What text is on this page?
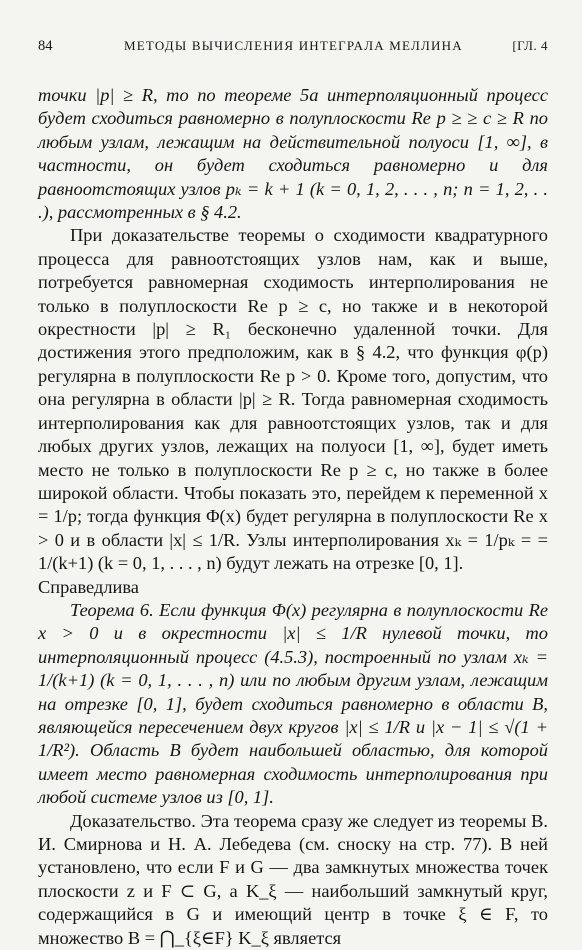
84	МЕТОДЫ ВЫЧИСЛЕНИЯ ИНТЕГРАЛА МЕЛЛИНА	[ГЛ. 4

точки |p| ≥ R, то по теореме 5а интерполяционный процесс будет сходиться равномерно в полуплоскости Re p ≥ ≥ c ≥ R по любым узлам, лежащим на действительной полуоси [1, ∞], в частности, он будет сходиться равномерно и для равноотстоящих узлов pₖ = k + 1 (k = 0, 1, 2, . . . , n; n = 1, 2, . . .), рассмотренных в § 4.2.

При доказательстве теоремы о сходимости квадратурного процесса для равноотстоящих узлов нам, как и выше, потребуется равномерная сходимость интерполирования не только в полуплоскости Re p ≥ c, но также и в некоторой окрестности |p| ≥ R₁ бесконечно удаленной точки. Для достижения этого предположим, как в § 4.2, что функция φ(p) регулярна в полуплоскости Re p > 0. Кроме того, допустим, что она регулярна в области |p| ≥ R. Тогда равномерная сходимость интерполирования как для равноотстоящих узлов, так и для любых других узлов, лежащих на полуоси [1, ∞], будет иметь место не только в полуплоскости Re p ≥ c, но также в более широкой области. Чтобы показать это, перейдем к переменной x = 1/p; тогда функция Φ(x) будет регулярна в полуплоскости Re x > 0 и в области |x| ≤ 1/R. Узлы интерполирования xₖ = 1/pₖ = = 1/(k+1) (k = 0, 1, . . . , n) будут лежать на отрезке [0, 1].

Справедлива

Теорема 6. Если функция Φ(x) регулярна в полуплоскости Re x > 0 и в окрестности |x| ≤ 1/R нулевой точки, то интерполяционный процесс (4.5.3), построенный по узлам xₖ = 1/(k+1) (k = 0, 1, . . . , n) или по любым другим узлам, лежащим на отрезке [0, 1], будет сходиться равномерно в области B, являющейся пересечением двух кругов |x| ≤ 1/R и |x − 1| ≤ √(1 + 1/R²). Область B будет наибольшей областью, для которой имеет место равномерная сходимость интерполирования при любой системе узлов из [0, 1].

Доказательство. Эта теорема сразу же следует из теоремы В. И. Смирнова и Н. А. Лебедева (см. сноску на стр. 77). В ней установлено, что если F и G — два замкнутых множества точек плоскости z и F ⊂ G, a K_ξ — наибольший замкнутый круг, содержащийся в G и имеющий центр в точке ξ ∈ F, то множество B = ⋂_{ξ∈F} K_ξ является
